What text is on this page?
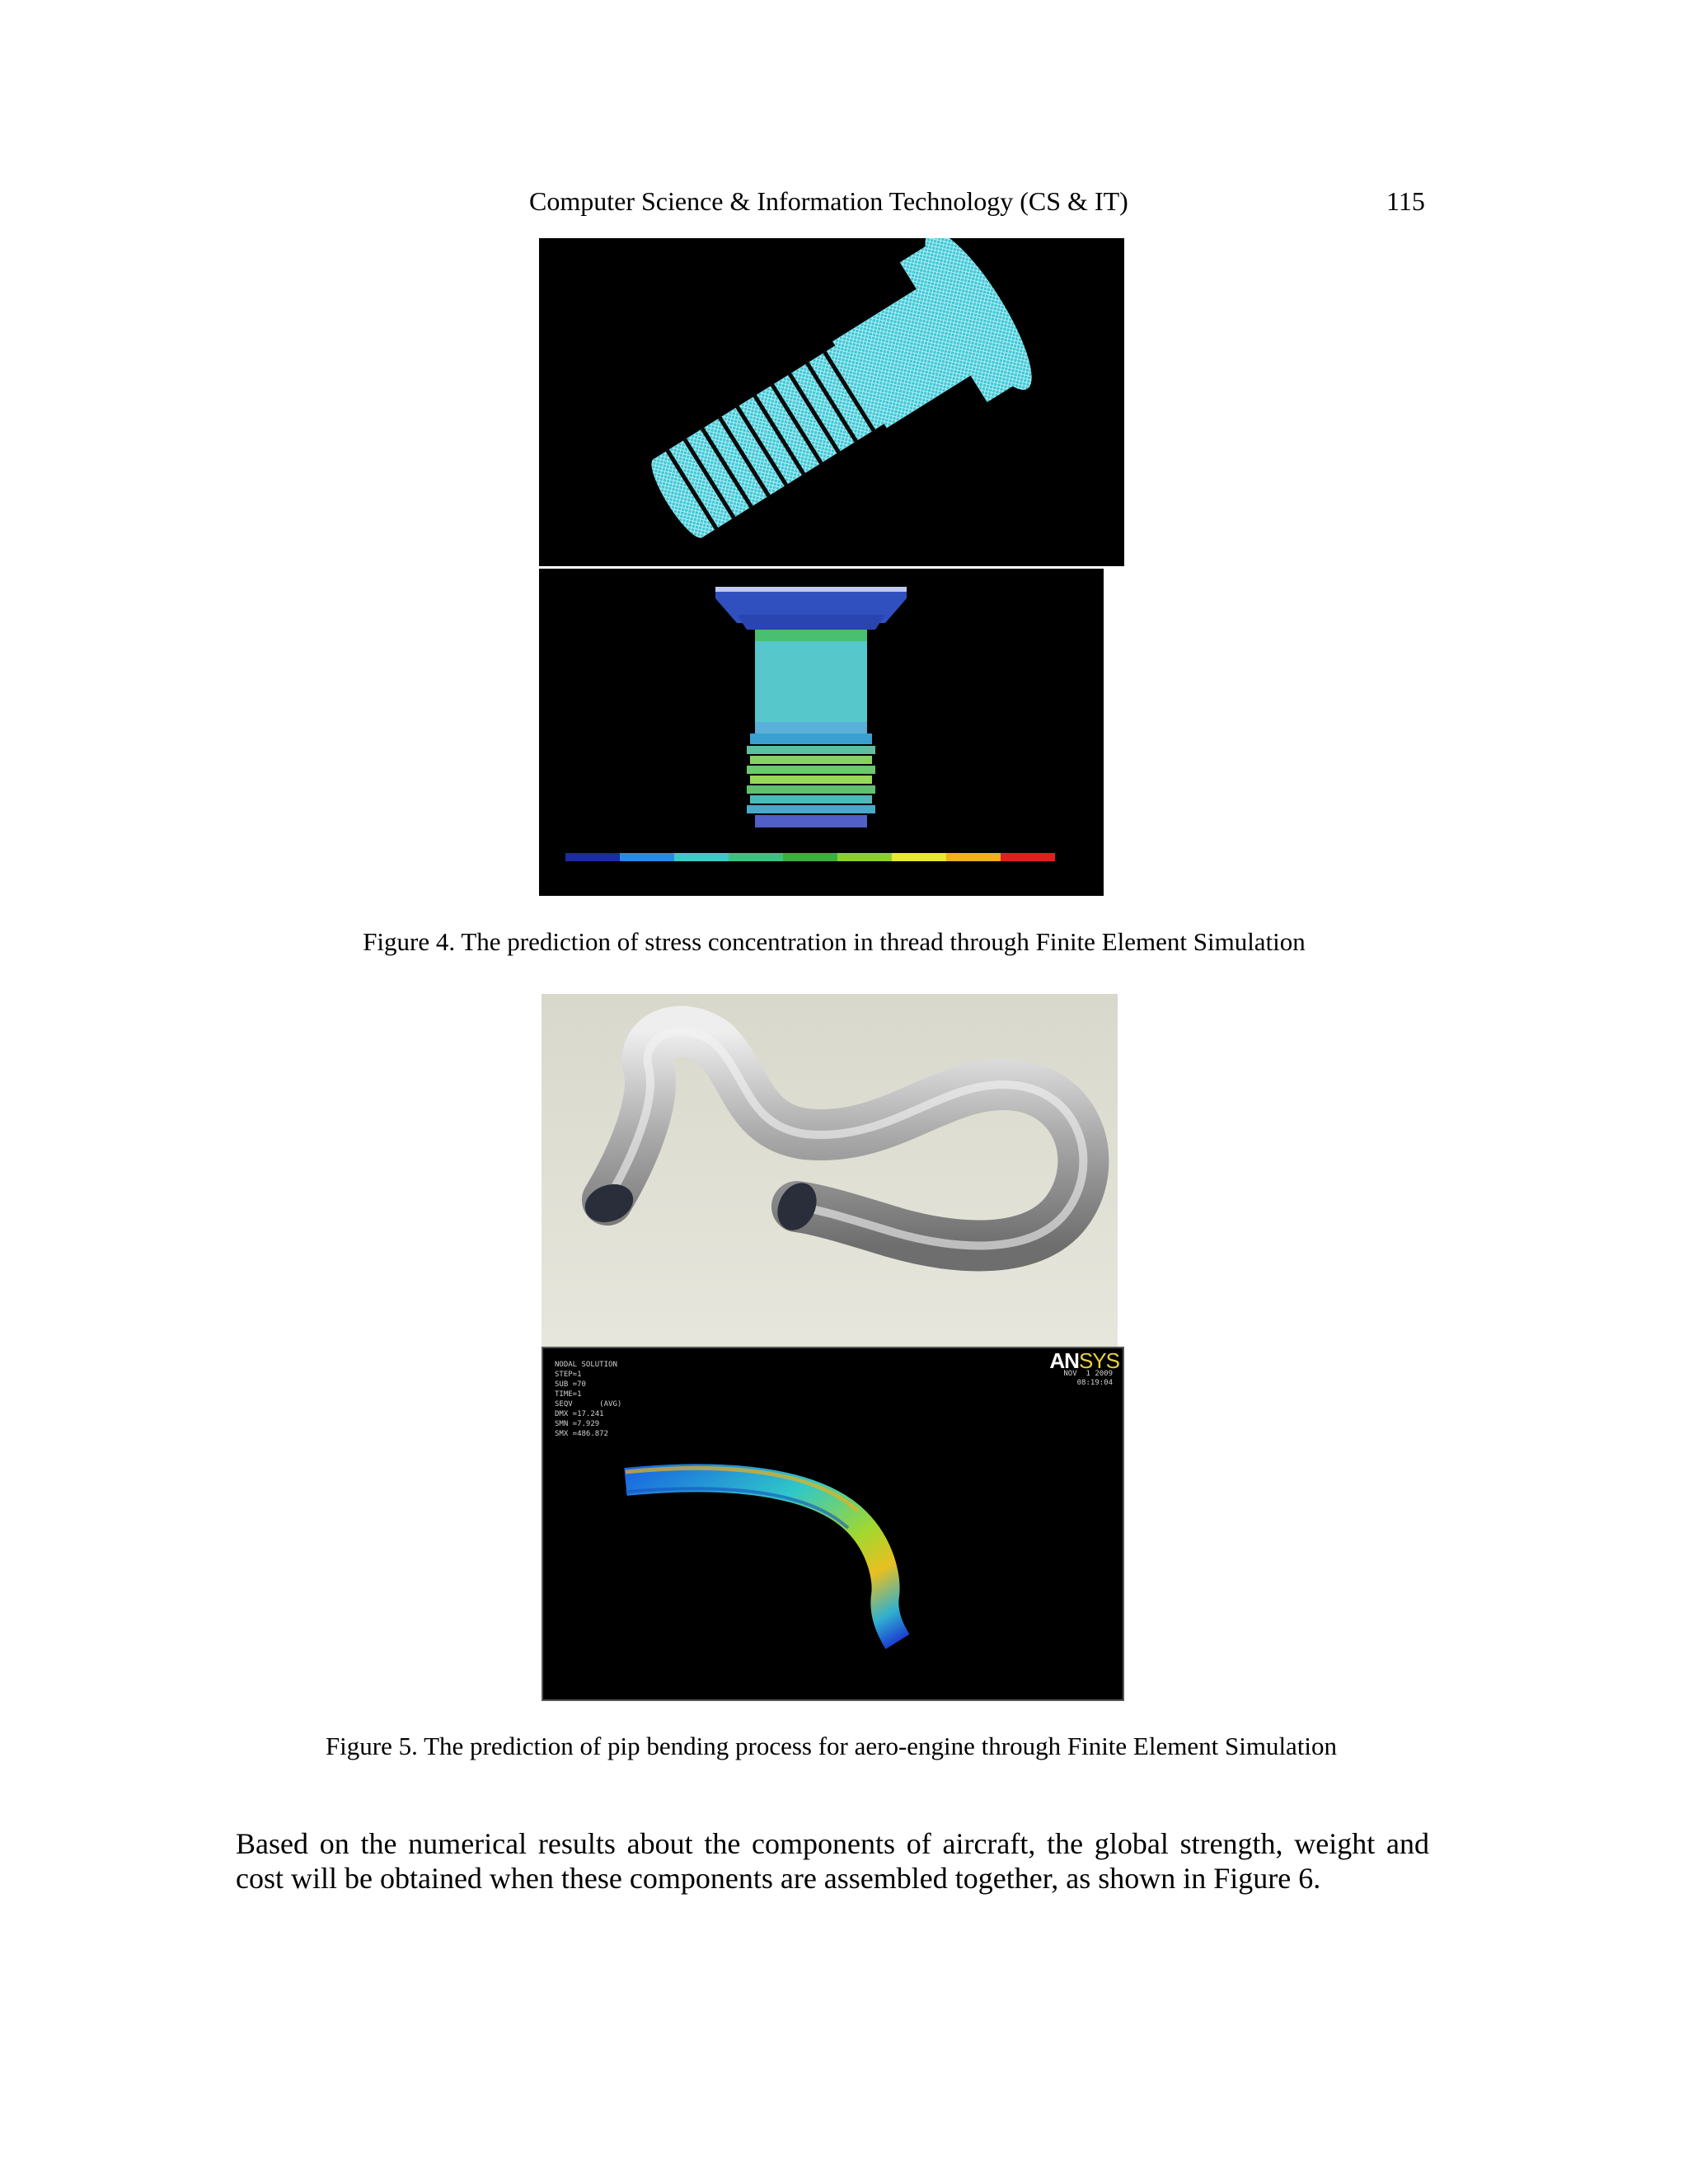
Computer Science & Information Technology (CS & IT)	115
Figure 4. The prediction of stress concentration in thread through Finite Element Simulation
NODAL SOLUTION
STEP=1
SUB =70
TIME=1
SEQV      (AVG)
DMX =17.241
SMN =7.929
SMX =486.872
ANSYS
NOV  1 2009
08:19:04
Figure 5. The prediction of pip bending process for aero-engine through Finite Element Simulation
Based on the numerical results about the components of aircraft, the global strength, weight and cost will be obtained when these components are assembled together, as shown in Figure 6.
